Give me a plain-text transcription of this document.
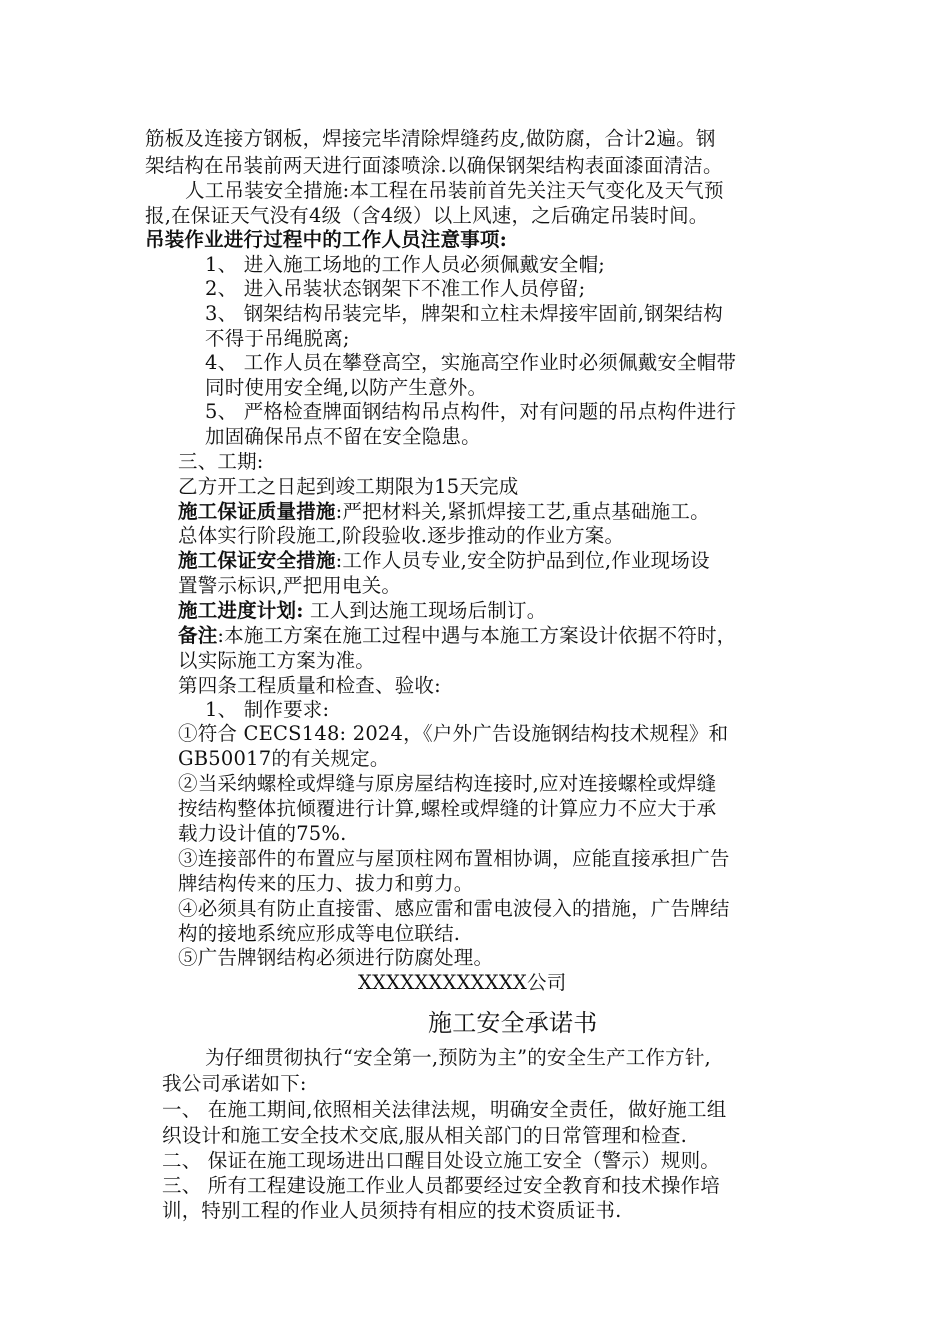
筋板及连接方钢板，焊接完毕清除焊缝药皮,做防腐，合计2遍。钢
架结构在吊装前两天进行面漆喷涂.以确保钢架结构表面漆面清洁。
人工吊装安全措施:本工程在吊装前首先关注天气变化及天气预
报,在保证天气没有4级（含4级）以上风速，之后确定吊装时间。
吊装作业进行过程中的工作人员注意事项:
1、 进入施工场地的工作人员必须佩戴安全帽;
2、 进入吊装状态钢架下不准工作人员停留;
3、 钢架结构吊装完毕，牌架和立柱未焊接牢固前,钢架结构
不得于吊绳脱离;
4、 工作人员在攀登高空，实施高空作业时必须佩戴安全帽带
同时使用安全绳,以防产生意外。
5、 严格检查牌面钢结构吊点构件，对有问题的吊点构件进行
加固确保吊点不留在安全隐患。
三、工期:
乙方开工之日起到竣工期限为15天完成
施工保证质量措施:严把材料关,紧抓焊接工艺,重点基础施工。
总体实行阶段施工,阶段验收.逐步推动的作业方案。
施工保证安全措施:工作人员专业,安全防护品到位,作业现场设
置警示标识,严把用电关。
施工进度计划: 工人到达施工现场后制订。
备注:本施工方案在施工过程中遇与本施工方案设计依据不符时，
以实际施工方案为准。
第四条工程质量和检查、验收:
1、 制作要求:
①符合 CECS148: 2024，《户外广告设施钢结构技术规程》和
GB50017的有关规定。
②当采纳螺栓或焊缝与原房屋结构连接时,应对连接螺栓或焊缝
按结构整体抗倾覆进行计算,螺栓或焊缝的计算应力不应大于承
载力设计值的75%.
③连接部件的布置应与屋顶柱网布置相协调，应能直接承担广告
牌结构传来的压力、拔力和剪力。
④必须具有防止直接雷、感应雷和雷电波侵入的措施，广告牌结
构的接地系统应形成等电位联结.
⑤广告牌钢结构必须进行防腐处理。
XXXXXXXXXXXX公司
施工安全承诺书
为仔细贯彻执行“安全第一,预防为主”的安全生产工作方针,
我公司承诺如下:
一、 在施工期间,依照相关法律法规，明确安全责任，做好施工组
织设计和施工安全技术交底,服从相关部门的日常管理和检查.
二、 保证在施工现场进出口醒目处设立施工安全（警示）规则。
三、 所有工程建设施工作业人员都要经过安全教育和技术操作培
训，特别工程的作业人员须持有相应的技术资质证书.
